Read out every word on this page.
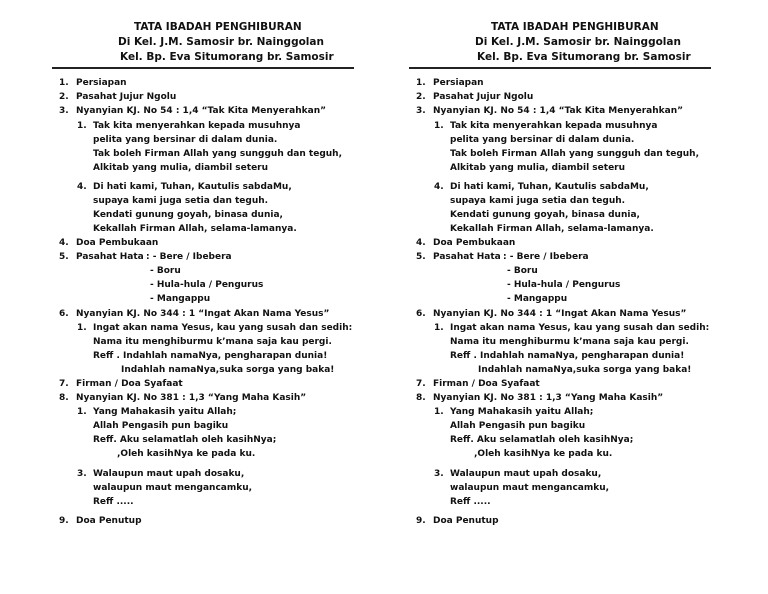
TATA IBADAH PENGHIBURAN
Di Kel. J.M. Samosir br. Nainggolan
Kel. Bp. Eva Situmorang br. Samosir
1. Persiapan
2. Pasahat Jujur Ngolu
3. Nyanyian KJ. No 54 : 1,4 “Tak Kita Menyerahkan”
1. Tak kita menyerahkan kepada musuhnya
pelita yang bersinar di dalam dunia.
Tak boleh Firman Allah yang sungguh dan teguh,
Alkitab yang mulia, diambil seteru
4. Di hati kami, Tuhan, Kautulis sabdaMu,
supaya kami juga setia dan teguh.
Kendati gunung goyah, binasa dunia,
Kekallah Firman Allah, selama-lamanya.
4. Doa Pembukaan
5. Pasahat Hata : - Bere / Ibebera
- Boru
- Hula-hula / Pengurus
- Mangappu
6. Nyanyian KJ. No 344 : 1 “Ingat Akan Nama Yesus”
1. Ingat akan nama Yesus, kau yang susah dan sedih:
Nama itu menghiburmu k’mana saja kau pergi.
Reff . Indahlah namaNya, pengharapan dunia!
Indahlah namaNya,suka sorga yang baka!
7. Firman / Doa Syafaat
8. Nyanyian KJ. No 381 : 1,3 “Yang Maha Kasih”
1. Yang Mahakasih yaitu Allah;
Allah Pengasih pun bagiku
Reff. Aku selamatlah oleh kasihNya;
,Oleh kasihNya ke pada ku.
3. Walaupun maut upah dosaku,
walaupun maut mengancamku,
Reff .....
9. Doa Penutup
TATA IBADAH PENGHIBURAN
Di Kel. J.M. Samosir br. Nainggolan
Kel. Bp. Eva Situmorang br. Samosir
1. Persiapan
2. Pasahat Jujur Ngolu
3. Nyanyian KJ. No 54 : 1,4 “Tak Kita Menyerahkan”
1. Tak kita menyerahkan kepada musuhnya
pelita yang bersinar di dalam dunia.
Tak boleh Firman Allah yang sungguh dan teguh,
Alkitab yang mulia, diambil seteru
4. Di hati kami, Tuhan, Kautulis sabdaMu,
supaya kami juga setia dan teguh.
Kendati gunung goyah, binasa dunia,
Kekallah Firman Allah, selama-lamanya.
4. Doa Pembukaan
5. Pasahat Hata : - Bere / Ibebera
- Boru
- Hula-hula / Pengurus
- Mangappu
6. Nyanyian KJ. No 344 : 1 “Ingat Akan Nama Yesus”
1. Ingat akan nama Yesus, kau yang susah dan sedih:
Nama itu menghiburmu k’mana saja kau pergi.
Reff . Indahlah namaNya, pengharapan dunia!
Indahlah namaNya,suka sorga yang baka!
7. Firman / Doa Syafaat
8. Nyanyian KJ. No 381 : 1,3 “Yang Maha Kasih”
1. Yang Mahakasih yaitu Allah;
Allah Pengasih pun bagiku
Reff. Aku selamatlah oleh kasihNya;
,Oleh kasihNya ke pada ku.
3. Walaupun maut upah dosaku,
walaupun maut mengancamku,
Reff .....
9. Doa Penutup
